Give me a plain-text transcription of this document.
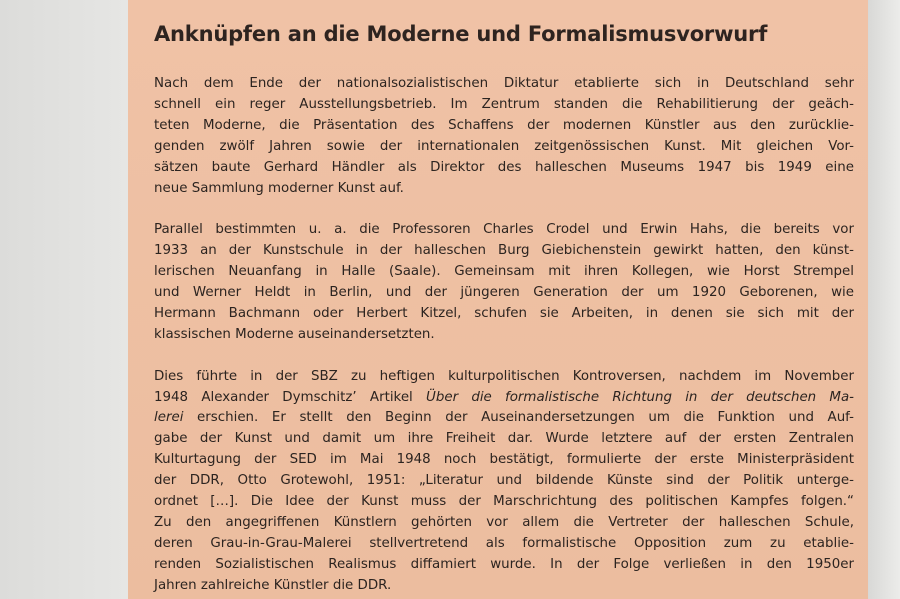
Anknüpfen an die Moderne und Formalismusvorwurf

Nach dem Ende der nationalsozialistischen Diktatur etablierte sich in Deutschland sehr
schnell ein reger Ausstellungsbetrieb. Im Zentrum standen die Rehabilitierung der geäch-
teten Moderne, die Präsentation des Schaffens der modernen Künstler aus den zurücklie-
genden zwölf Jahren sowie der internationalen zeitgenössischen Kunst. Mit gleichen Vor-
sätzen baute Gerhard Händler als Direktor des halleschen Museums 1947 bis 1949 eine
neue Sammlung moderner Kunst auf.

Parallel bestimmten u. a. die Professoren Charles Crodel und Erwin Hahs, die bereits vor
1933 an der Kunstschule in der halleschen Burg Giebichenstein gewirkt hatten, den künst-
lerischen Neuanfang in Halle (Saale). Gemeinsam mit ihren Kollegen, wie Horst Strempel
und Werner Heldt in Berlin, und der jüngeren Generation der um 1920 Geborenen, wie
Hermann Bachmann oder Herbert Kitzel, schufen sie Arbeiten, in denen sie sich mit der
klassischen Moderne auseinandersetzten.

Dies führte in der SBZ zu heftigen kulturpolitischen Kontroversen, nachdem im November
1948 Alexander Dymschitz’ Artikel Über die formalistische Richtung in der deutschen Ma-
lerei erschien. Er stellt den Beginn der Auseinandersetzungen um die Funktion und Auf-
gabe der Kunst und damit um ihre Freiheit dar. Wurde letztere auf der ersten Zentralen
Kulturtagung der SED im Mai 1948 noch bestätigt, formulierte der erste Ministerpräsident
der DDR, Otto Grotewohl, 1951: „Literatur und bildende Künste sind der Politik unterge-
ordnet […]. Die Idee der Kunst muss der Marschrichtung des politischen Kampfes folgen.“
Zu den angegriffenen Künstlern gehörten vor allem die Vertreter der halleschen Schule,
deren Grau-in-Grau-Malerei stellvertretend als formalistische Opposition zum zu etablie-
renden Sozialistischen Realismus diffamiert wurde. In der Folge verließen in den 1950er
Jahren zahlreiche Künstler die DDR.
